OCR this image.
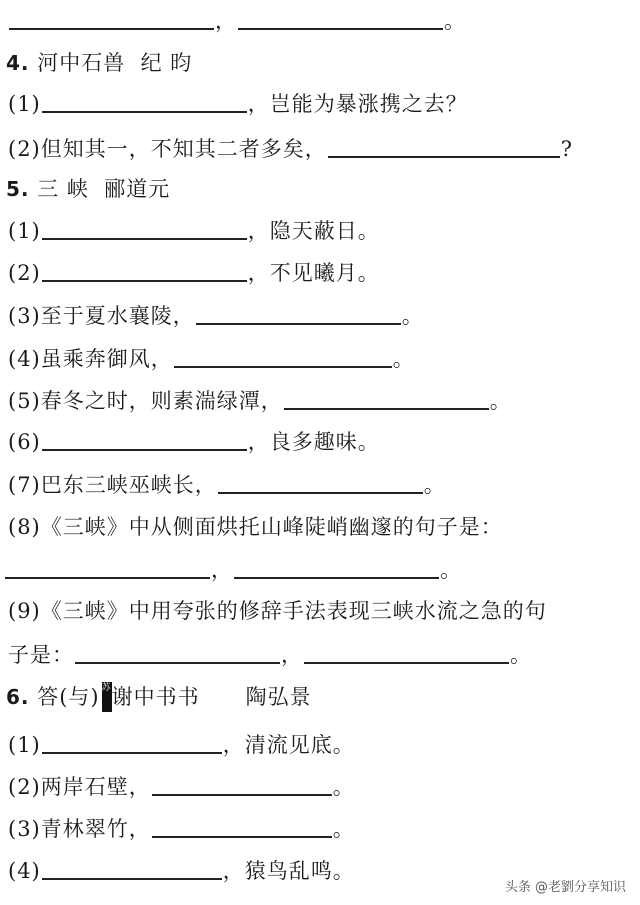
，	。
4. 河中石兽 纪 昀
(1)	，岂能为暴涨携之去？
(2)但知其一，不知其二者多矣，	?
5. 三 峡 郦道元
(1)	，隐天蔽日。
(2)	，不见曦月。
(3)至于夏水襄陵，	。
(4)虽乘奔御风，	。
(5)春冬之时，则素湍绿潭，	。
(6)	，良多趣味。
(7)巴东三峡巫峡长，	。
(8)《三峡》中从侧面烘托山峰陡峭幽邃的句子是：
，	。
(9)《三峡》中用夸张的修辞手法表现三峡水流之急的句
子是：	，	。
6. 答(与) 苏谢中书书 陶弘景
(1)	，清流见底。
(2)两岸石壁，	。
(3)青林翠竹，	。
(4)	，猿鸟乱鸣。
头条 @老劉分享知识
